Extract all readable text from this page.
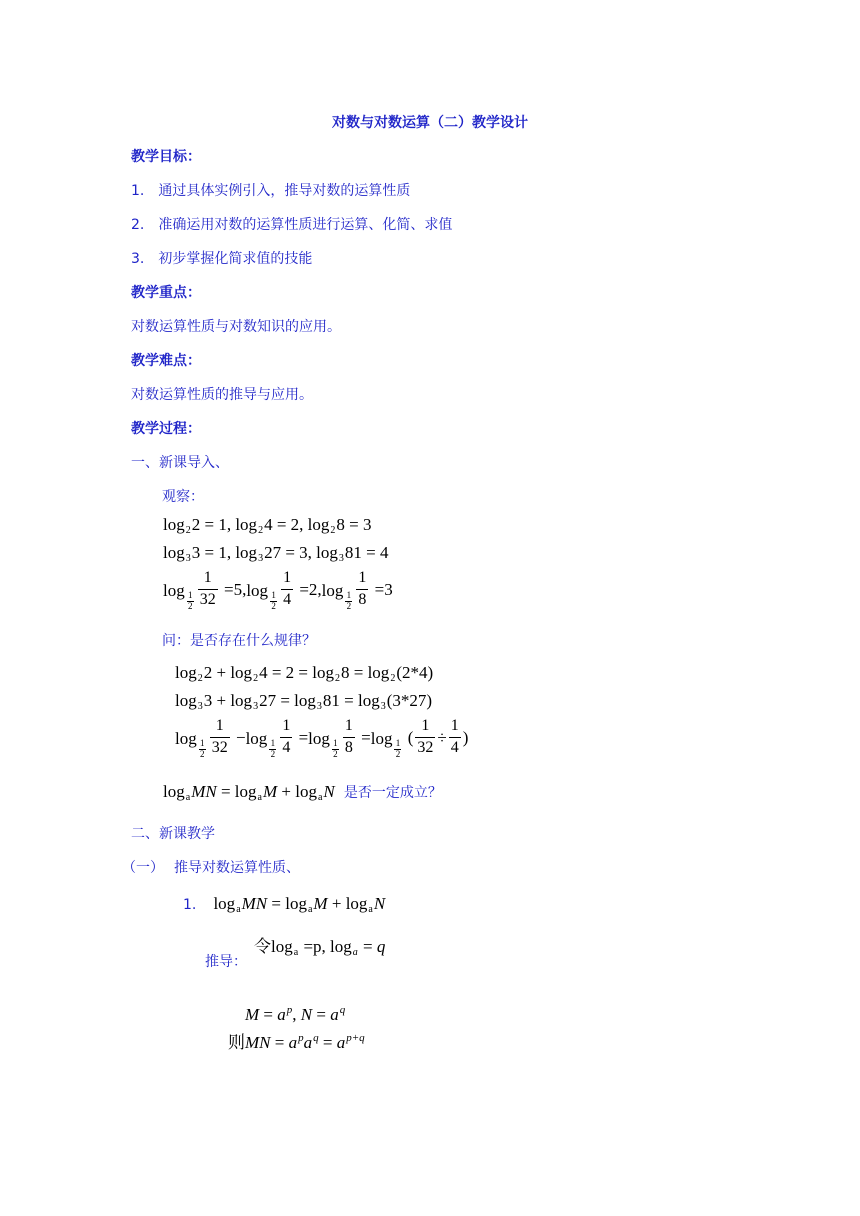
对数与对数运算（二）教学设计
教学目标：
1. 通过具体实例引入，推导对数的运算性质
2. 准确运用对数的运算性质进行运算、化简、求值
3. 初步掌握化简求值的技能
教学重点：
对数运算性质与对数知识的应用。
教学难点：
对数运算性质的推导与应用。
教学过程：
一、新课导入、
观察：
$\log_22 = 1$, $\log_24 = 2$, $\log_28 = 3$
$\log_33 = 1$, $\log_327 = 3$, $\log_381 = 4$
log 1
$2 \frac{1}{32} = 5$ , log 1
$2 \frac{1}{4} = 2$ , log 1
$2 \frac{1}{8} = 3$
问：是否存在什么规律？
$\log_22 + \log_24 = 2 = \log_28 = \log_2(2*4)$
$\log_33 + \log_327 = \log_381 = \log_3(3*27)$
log 1
$2 \frac{1}{32} - \log 1$
$2 \frac{1}{4} = \log 1$
$2 \frac{1}{8} = \log 1$
2
( $\frac{1}{32} \div \frac{1}{4}$ )
$\log_aMN = \log_aM + \log_aN$ 是否一定成立？
二、新课教学
（一） 推导对数运算性质、
1. $\log_aMN = \log_aM + \log_aN$
推导：
令$\log_a =p$, $\log_a = q$
$M = a^p$, $N = a^q$
则MN = $a^pa^q = a^{p+q}$
